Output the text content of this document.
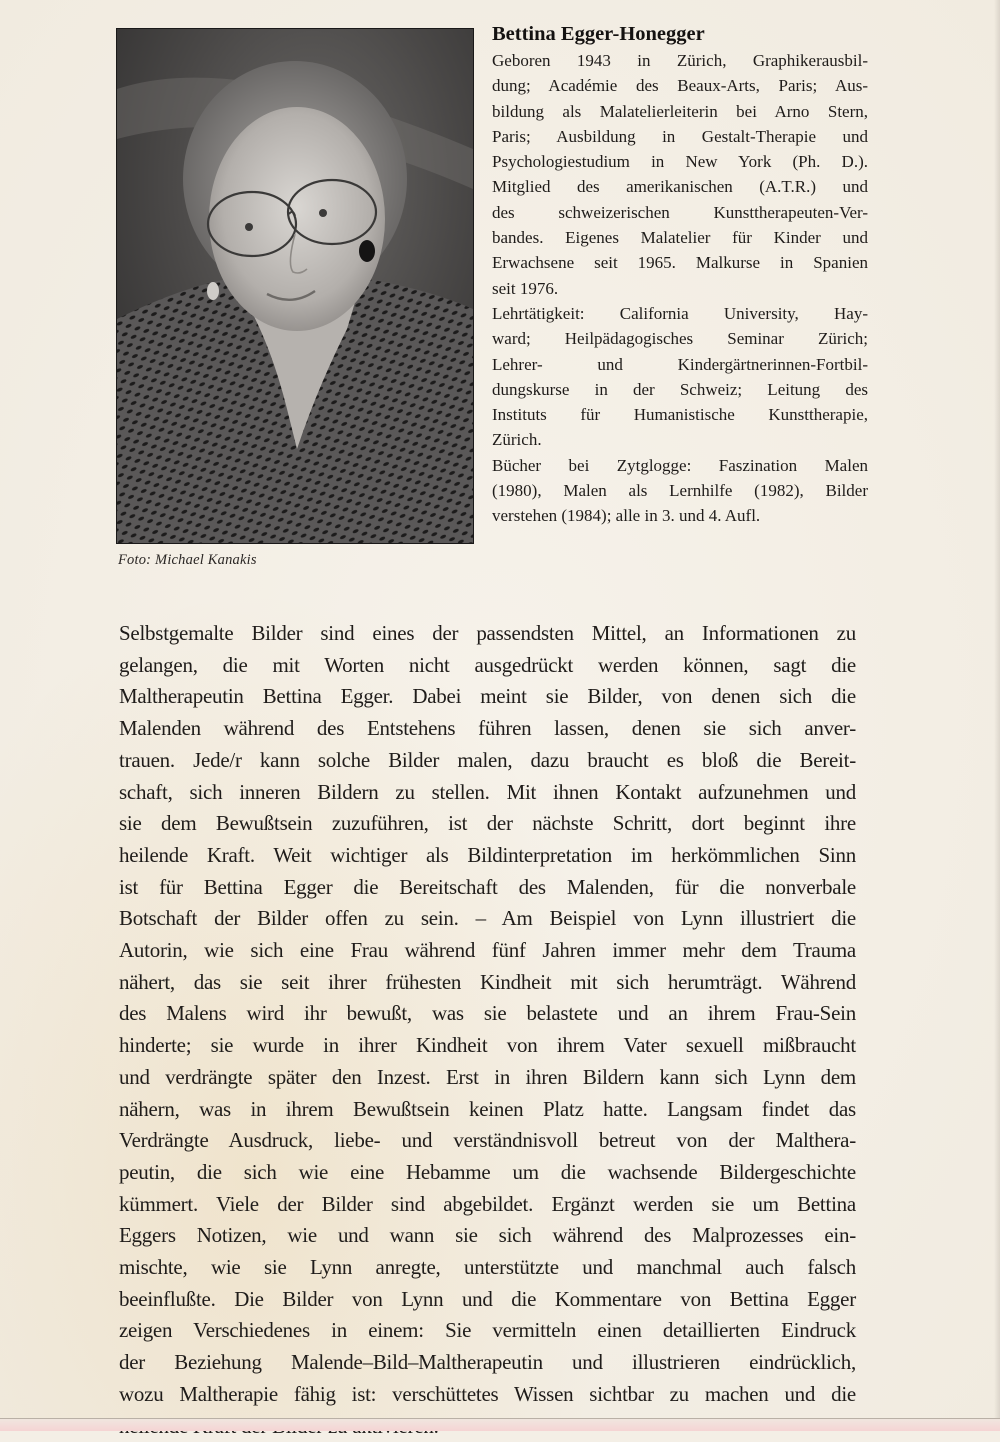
Foto: Michael Kanakis
Bettina Egger-Honegger
Geboren 1943 in Zürich, Graphikerausbil-
dung; Académie des Beaux-Arts, Paris; Aus-
bildung als Malatelierleiterin bei Arno Stern,
Paris; Ausbildung in Gestalt-Therapie und
Psychologiestudium in New York (Ph. D.).
Mitglied des amerikanischen (A.T.R.) und
des schweizerischen Kunsttherapeuten-Ver-
bandes. Eigenes Malatelier für Kinder und
Erwachsene seit 1965. Malkurse in Spanien
seit 1976.
Lehrtätigkeit: California University, Hay-
ward; Heilpädagogisches Seminar Zürich;
Lehrer- und Kindergärtnerinnen-Fortbil-
dungskurse in der Schweiz; Leitung des
Instituts für Humanistische Kunsttherapie,
Zürich.
Bücher bei Zytglogge: Faszination Malen
(1980), Malen als Lernhilfe (1982), Bilder
verstehen (1984); alle in 3. und 4. Aufl.
Selbstgemalte Bilder sind eines der passendsten Mittel, an Informationen zu
gelangen, die mit Worten nicht ausgedrückt werden können, sagt die
Maltherapeutin Bettina Egger. Dabei meint sie Bilder, von denen sich die
Malenden während des Entstehens führen lassen, denen sie sich anver-
trauen. Jede/r kann solche Bilder malen, dazu braucht es bloß die Bereit-
schaft, sich inneren Bildern zu stellen. Mit ihnen Kontakt aufzunehmen und
sie dem Bewußtsein zuzuführen, ist der nächste Schritt, dort beginnt ihre
heilende Kraft. Weit wichtiger als Bildinterpretation im herkömmlichen Sinn
ist für Bettina Egger die Bereitschaft des Malenden, für die nonverbale
Botschaft der Bilder offen zu sein. – Am Beispiel von Lynn illustriert die
Autorin, wie sich eine Frau während fünf Jahren immer mehr dem Trauma
nähert, das sie seit ihrer frühesten Kindheit mit sich herumträgt. Während
des Malens wird ihr bewußt, was sie belastete und an ihrem Frau-Sein
hinderte; sie wurde in ihrer Kindheit von ihrem Vater sexuell mißbraucht
und verdrängte später den Inzest. Erst in ihren Bildern kann sich Lynn dem
nähern, was in ihrem Bewußtsein keinen Platz hatte. Langsam findet das
Verdrängte Ausdruck, liebe- und verständnisvoll betreut von der Malthera-
peutin, die sich wie eine Hebamme um die wachsende Bildergeschichte
kümmert. Viele der Bilder sind abgebildet. Ergänzt werden sie um Bettina
Eggers Notizen, wie und wann sie sich während des Malprozesses ein-
mischte, wie sie Lynn anregte, unterstützte und manchmal auch falsch
beeinflußte. Die Bilder von Lynn und die Kommentare von Bettina Egger
zeigen Verschiedenes in einem: Sie vermitteln einen detaillierten Eindruck
der Beziehung Malende–Bild–Maltherapeutin und illustrieren eindrücklich,
wozu Maltherapie fähig ist: verschüttetes Wissen sichtbar zu machen und die
